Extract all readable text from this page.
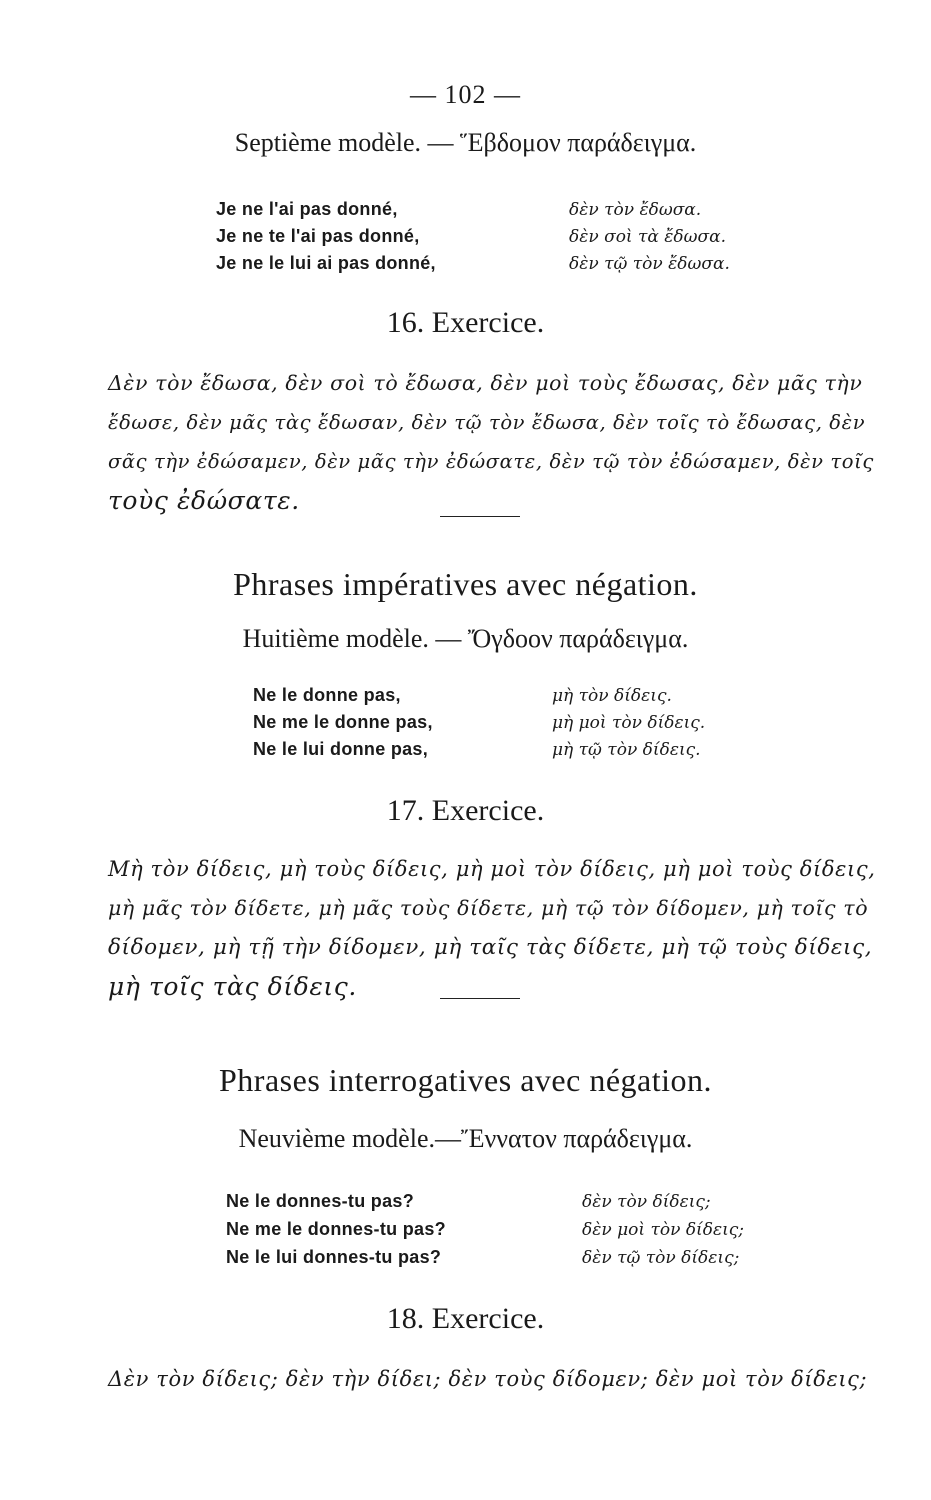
— 102 —
Septième modèle. — Ἕβδομον παράδειγμα.
Je ne l'ai pas donné,	δὲν τὸν ἔδωσα.
Je ne te l'ai pas donné,	δὲν σοὶ τὰ ἔδωσα.
Je ne le lui ai pas donné,	δὲν τῷ τὸν ἔδωσα.
16. Exercice.
Δὲν τὸν ἔδωσα, δὲν σοὶ τὸ ἔδωσα, δὲν μοὶ τοὺς ἔδωσας, δὲν μᾶς τὴν
ἔδωσε, δὲν μᾶς τὰς ἔδωσαν, δὲν τῷ τὸν ἔδωσα, δὲν τοῖς τὸ ἔδωσας, δὲν
σᾶς τὴν ἐδώσαμεν, δὲν μᾶς τὴν ἐδώσατε, δὲν τῷ τὸν ἐδώσαμεν, δὲν τοῖς
τοὺς ἐδώσατε.
Phrases impératives avec négation.
Huitième modèle. — Ὄγδοον παράδειγμα.
Ne le donne pas,	μὴ τὸν δίδεις.
Ne me le donne pas,	μὴ μοὶ τὸν δίδεις.
Ne le lui donne pas,	μὴ τῷ τὸν δίδεις.
17. Exercice.
Μὴ τὸν δίδεις, μὴ τοὺς δίδεις, μὴ μοὶ τὸν δίδεις, μὴ μοὶ τοὺς δίδεις,
μὴ μᾶς τὸν δίδετε, μὴ μᾶς τοὺς δίδετε, μὴ τῷ τὸν δίδομεν, μὴ τοῖς τὸ
δίδομεν, μὴ τῇ τὴν δίδομεν, μὴ ταῖς τὰς δίδετε, μὴ τῷ τοὺς δίδεις,
μὴ τοῖς τὰς δίδεις.
Phrases interrogatives avec négation.
Neuvième modèle.—Ἔννατον παράδειγμα.
Ne le donnes-tu pas?	δὲν τὸν δίδεις;
Ne me le donnes-tu pas?	δὲν μοὶ τὸν δίδεις;
Ne le lui donnes-tu pas?	δὲν τῷ τὸν δίδεις;
18. Exercice.
Δὲν τὸν δίδεις; δὲν τὴν δίδει; δὲν τοὺς δίδομεν; δὲν μοὶ τὸν δίδεις;
